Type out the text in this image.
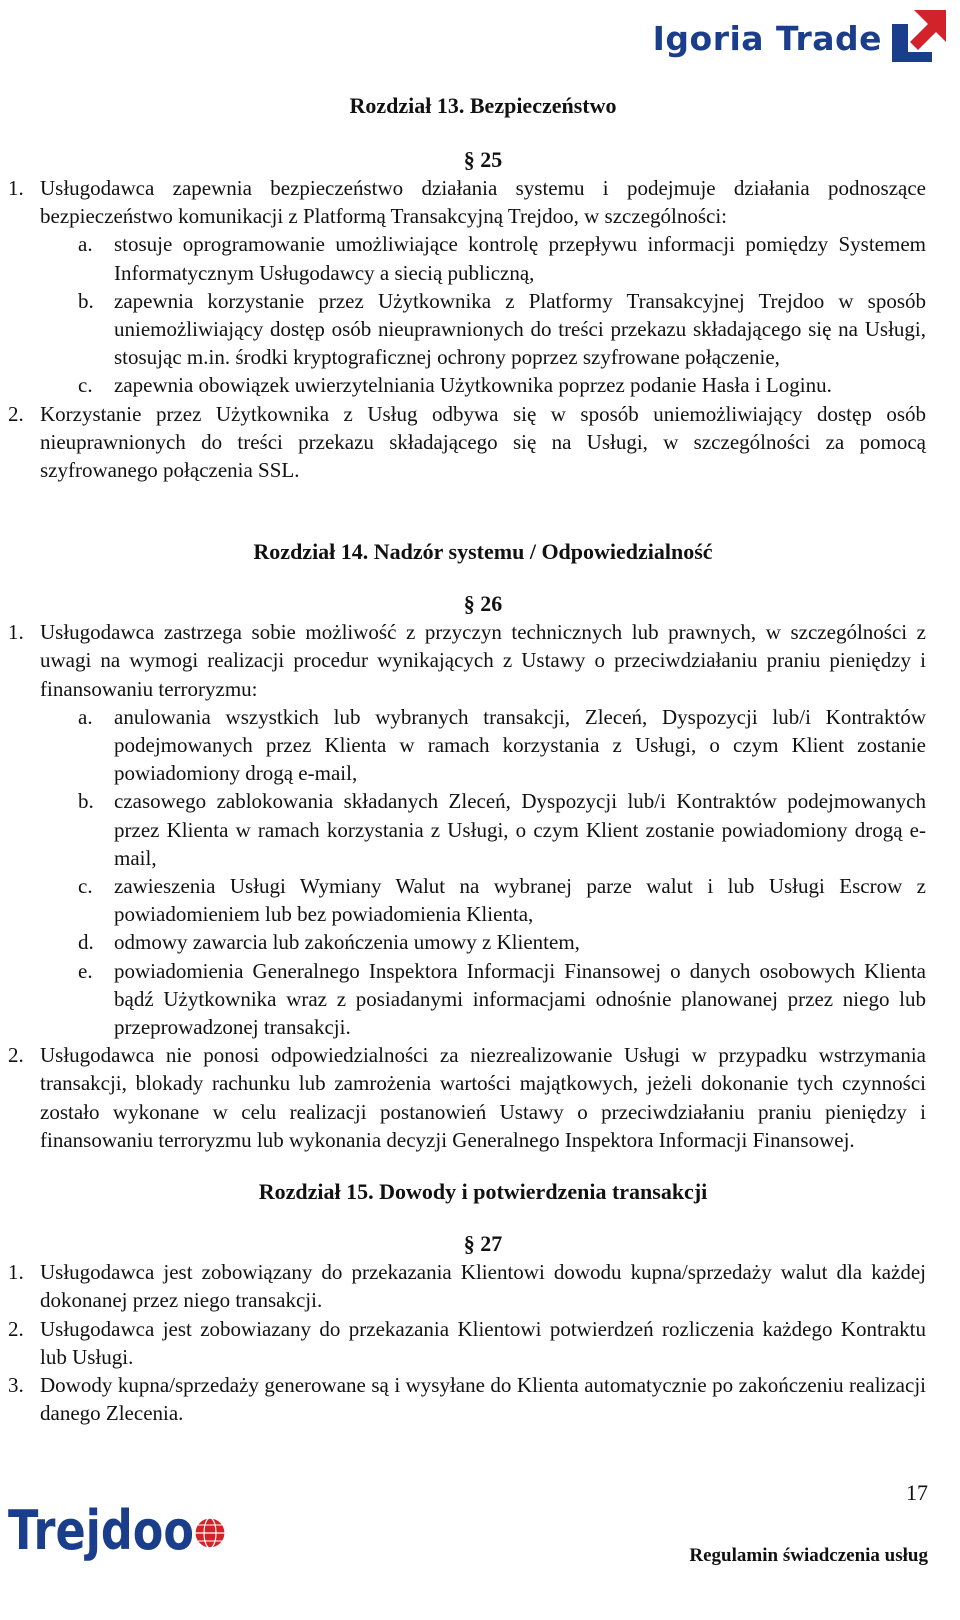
Igoria Trade
Rozdział 13. Bezpieczeństwo

§ 25

1. Usługodawca zapewnia bezpieczeństwo działania systemu i podejmuje działania podnoszące bezpieczeństwo komunikacji z Platformą Transakcyjną Trejdoo, w szczególności:
a. stosuje oprogramowanie umożliwiające kontrolę przepływu informacji pomiędzy Systemem Informatycznym Usługodawcy a siecią publiczną,
b. zapewnia korzystanie przez Użytkownika z Platformy Transakcyjnej Trejdoo w sposób uniemożliwiający dostęp osób nieuprawnionych do treści przekazu składającego się na Usługi, stosując m.in. środki kryptograficznej ochrony poprzez szyfrowane połączenie,
c. zapewnia obowiązek uwierzytelniania Użytkownika poprzez podanie Hasła i Loginu.
2. Korzystanie przez Użytkownika z Usług odbywa się w sposób uniemożliwiający dostęp osób nieuprawnionych do treści przekazu składającego się na Usługi, w szczególności za pomocą szyfrowanego połączenia SSL.
Rozdział 14. Nadzór systemu / Odpowiedzialność

§ 26

1. Usługodawca zastrzega sobie możliwość z przyczyn technicznych lub prawnych, w szczególności z uwagi na wymogi realizacji procedur wynikających z Ustawy o przeciwdziałaniu praniu pieniędzy i finansowaniu terroryzmu:
a. anulowania wszystkich lub wybranych transakcji, Zleceń, Dyspozycji lub/i Kontraktów podejmowanych przez Klienta w ramach korzystania z Usługi, o czym Klient zostanie powiadomiony drogą e-mail,
b. czasowego zablokowania składanych Zleceń, Dyspozycji lub/i Kontraktów podejmowanych przez Klienta w ramach korzystania z Usługi, o czym Klient zostanie powiadomiony drogą e-mail,
c. zawieszenia Usługi Wymiany Walut na wybranej parze walut i lub Usługi Escrow z powiadomieniem lub bez powiadomienia Klienta,
d. odmowy zawarcia lub zakończenia umowy z Klientem,
e. powiadomienia Generalnego Inspektora Informacji Finansowej o danych osobowych Klienta bądź Użytkownika wraz z posiadanymi informacjami odnośnie planowanej przez niego lub przeprowadzonej transakcji.
2. Usługodawca nie ponosi odpowiedzialności za niezrealizowanie Usługi w przypadku wstrzymania transakcji, blokady rachunku lub zamrożenia wartości majątkowych, jeżeli dokonanie tych czynności zostało wykonane w celu realizacji postanowień Ustawy o przeciwdziałaniu praniu pieniędzy i finansowaniu terroryzmu lub wykonania decyzji Generalnego Inspektora Informacji Finansowej.
Rozdział 15. Dowody i potwierdzenia transakcji

§ 27

1. Usługodawca jest zobowiązany do przekazania Klientowi dowodu kupna/sprzedaży walut dla każdej dokonanej przez niego transakcji.
2. Usługodawca jest zobowiazany do przekazania Klientowi potwierdzeń rozliczenia każdego Kontraktu lub Usługi.
3. Dowody kupna/sprzedaży generowane są i wysyłane do Klienta automatycznie po zakończeniu realizacji danego Zlecenia.
17
Trejdoo	Regulamin świadczenia usług
